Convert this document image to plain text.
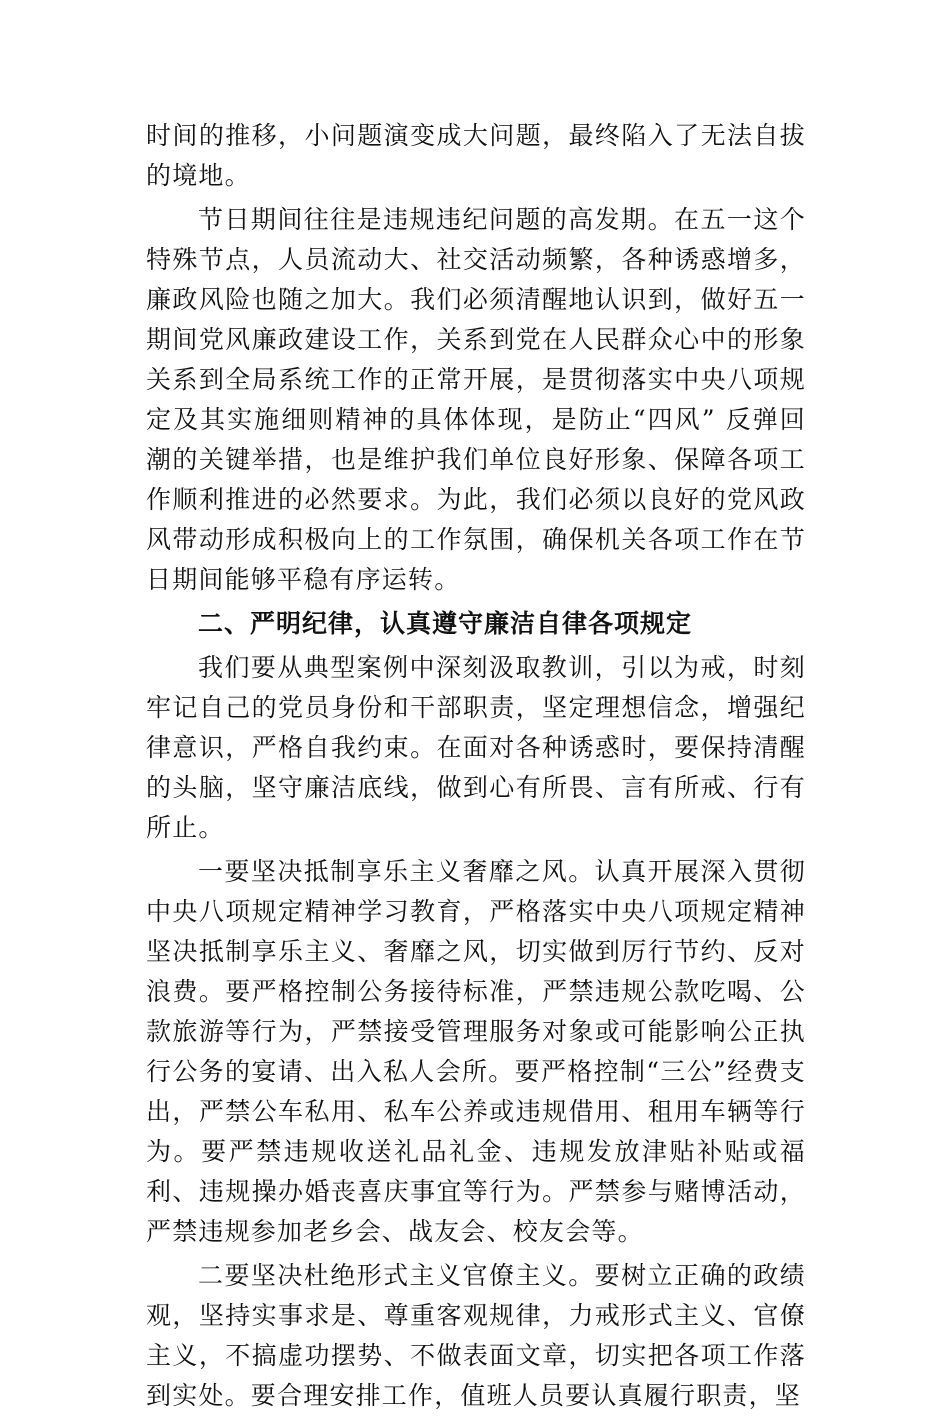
时间的推移，小问题演变成大问题，最终陷入了无法自拔的境地。

节日期间往往是违规违纪问题的高发期。在五一这个特殊节点，人员流动大、社交活动频繁，各种诱惑增多，廉政风险也随之加大。我们必须清醒地认识到，做好五一期间党风廉政建设工作，关系到党在人民群众心中的形象关系到全局系统工作的正常开展，是贯彻落实中央八项规定及其实施细则精神的具体体现，是防止“四风” 反弹回潮的关键举措，也是维护我们单位良好形象、保障各项工作顺利推进的必然要求。为此，我们必须以良好的党风政风带动形成积极向上的工作氛围，确保机关各项工作在节日期间能够平稳有序运转。

二、严明纪律，认真遵守廉洁自律各项规定

我们要从典型案例中深刻汲取教训，引以为戒，时刻牢记自己的党员身份和干部职责，坚定理想信念，增强纪律意识，严格自我约束。在面对各种诱惑时，要保持清醒的头脑，坚守廉洁底线，做到心有所畏、言有所戒、行有所止。

一要坚决抵制享乐主义奢靡之风。认真开展深入贯彻中央八项规定精神学习教育，严格落实中央八项规定精神坚决抵制享乐主义、奢靡之风，切实做到厉行节约、反对浪费。要严格控制公务接待标准，严禁违规公款吃喝、公款旅游等行为，严禁接受管理服务对象或可能影响公正执行公务的宴请、出入私人会所。要严格控制“三公”经费支出，严禁公车私用、私车公养或违规借用、租用车辆等行为。要严禁违规收送礼品礼金、违规发放津贴补贴或福利、违规操办婚丧喜庆事宜等行为。严禁参与赌博活动，严禁违规参加老乡会、战友会、校友会等。

二要坚决杜绝形式主义官僚主义。要树立正确的政绩观，坚持实事求是、尊重客观规律，力戒形式主义、官僚主义，不搞虚功摆势、不做表面文章，切实把各项工作落到实处。要合理安排工作，值班人员要认真履行职责，坚
